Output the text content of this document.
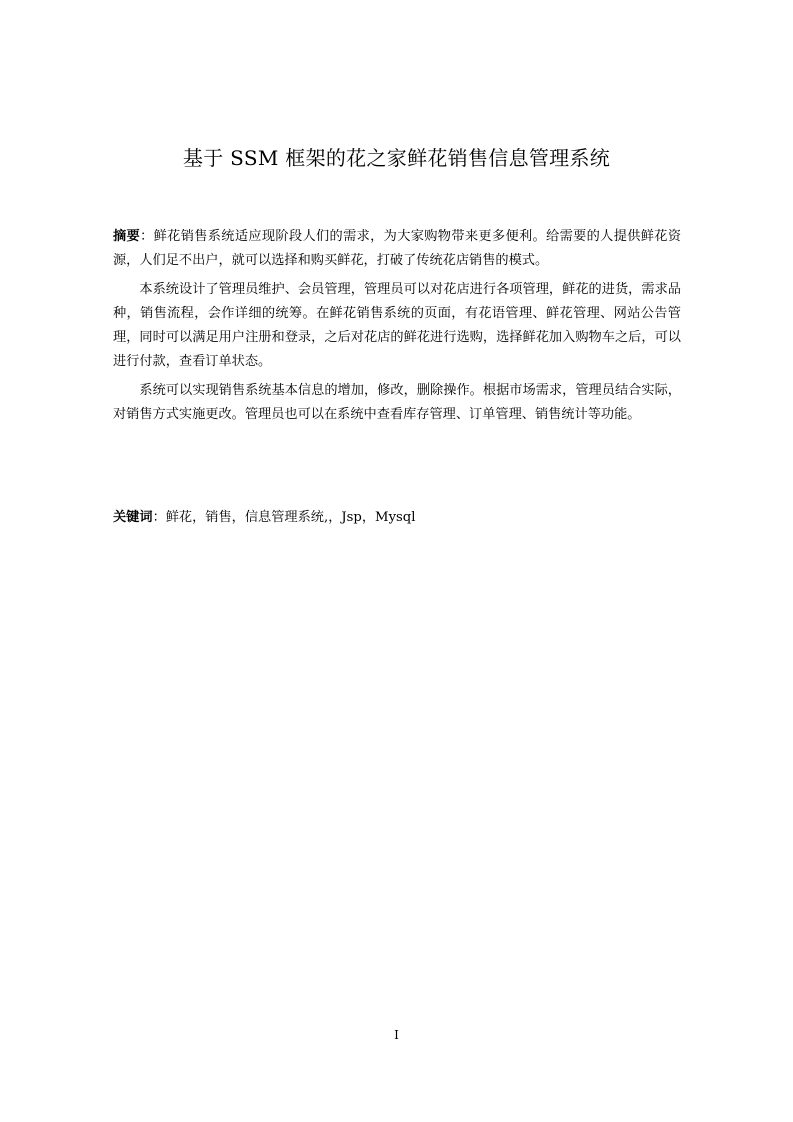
基于 SSM 框架的花之家鲜花销售信息管理系统

摘要：鲜花销售系统适应现阶段人们的需求，为大家购物带来更多便利。给需要的人提供鲜花资源，人们足不出户，就可以选择和购买鲜花，打破了传统花店销售的模式。

本系统设计了管理员维护、会员管理，管理员可以对花店进行各项管理，鲜花的进货，需求品种，销售流程，会作详细的统筹。在鲜花销售系统的页面，有花语管理、鲜花管理、网站公告管理，同时可以满足用户注册和登录，之后对花店的鲜花进行选购，选择鲜花加入购物车之后，可以进行付款，查看订单状态。

系统可以实现销售系统基本信息的增加，修改，删除操作。根据市场需求，管理员结合实际，对销售方式实施更改。管理员也可以在系统中查看库存管理、订单管理、销售统计等功能。

关键词：鲜花，销售，信息管理系统,，Jsp，Mysql
I
